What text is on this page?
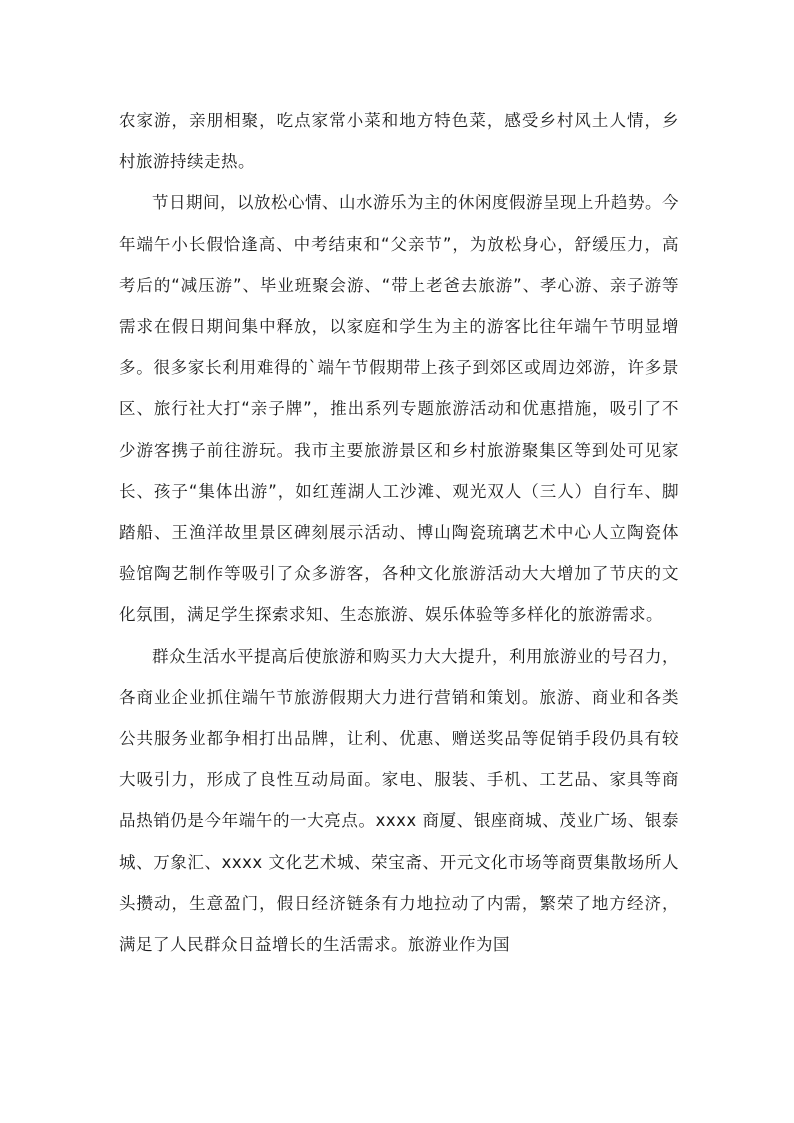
农家游，亲朋相聚，吃点家常小菜和地方特色菜，感受乡村风土人情，乡村旅游持续走热。

节日期间，以放松心情、山水游乐为主的休闲度假游呈现上升趋势。今年端午小长假恰逢高、中考结束和“父亲节”，为放松身心，舒缓压力，高考后的“减压游”、毕业班聚会游、“带上老爸去旅游”、孝心游、亲子游等需求在假日期间集中释放，以家庭和学生为主的游客比往年端午节明显增多。很多家长利用难得的`端午节假期带上孩子到郊区或周边郊游，许多景区、旅行社大打“亲子牌”，推出系列专题旅游活动和优惠措施，吸引了不少游客携子前往游玩。我市主要旅游景区和乡村旅游聚集区等到处可见家长、孩子“集体出游”，如红莲湖人工沙滩、观光双人（三人）自行车、脚踏船、王渔洋故里景区碑刻展示活动、博山陶瓷琉璃艺术中心人立陶瓷体验馆陶艺制作等吸引了众多游客，各种文化旅游活动大大增加了节庆的文化氛围，满足学生探索求知、生态旅游、娱乐体验等多样化的旅游需求。

群众生活水平提高后使旅游和购买力大大提升，利用旅游业的号召力，各商业企业抓住端午节旅游假期大力进行营销和策划。旅游、商业和各类公共服务业都争相打出品牌，让利、优惠、赠送奖品等促销手段仍具有较大吸引力，形成了良性互动局面。家电、服装、手机、工艺品、家具等商品热销仍是今年端午的一大亮点。xxxx 商厦、银座商城、茂业广场、银泰城、万象汇、xxxx 文化艺术城、荣宝斋、开元文化市场等商贾集散场所人头攒动，生意盈门，假日经济链条有力地拉动了内需，繁荣了地方经济，满足了人民群众日益增长的生活需求。旅游业作为国
